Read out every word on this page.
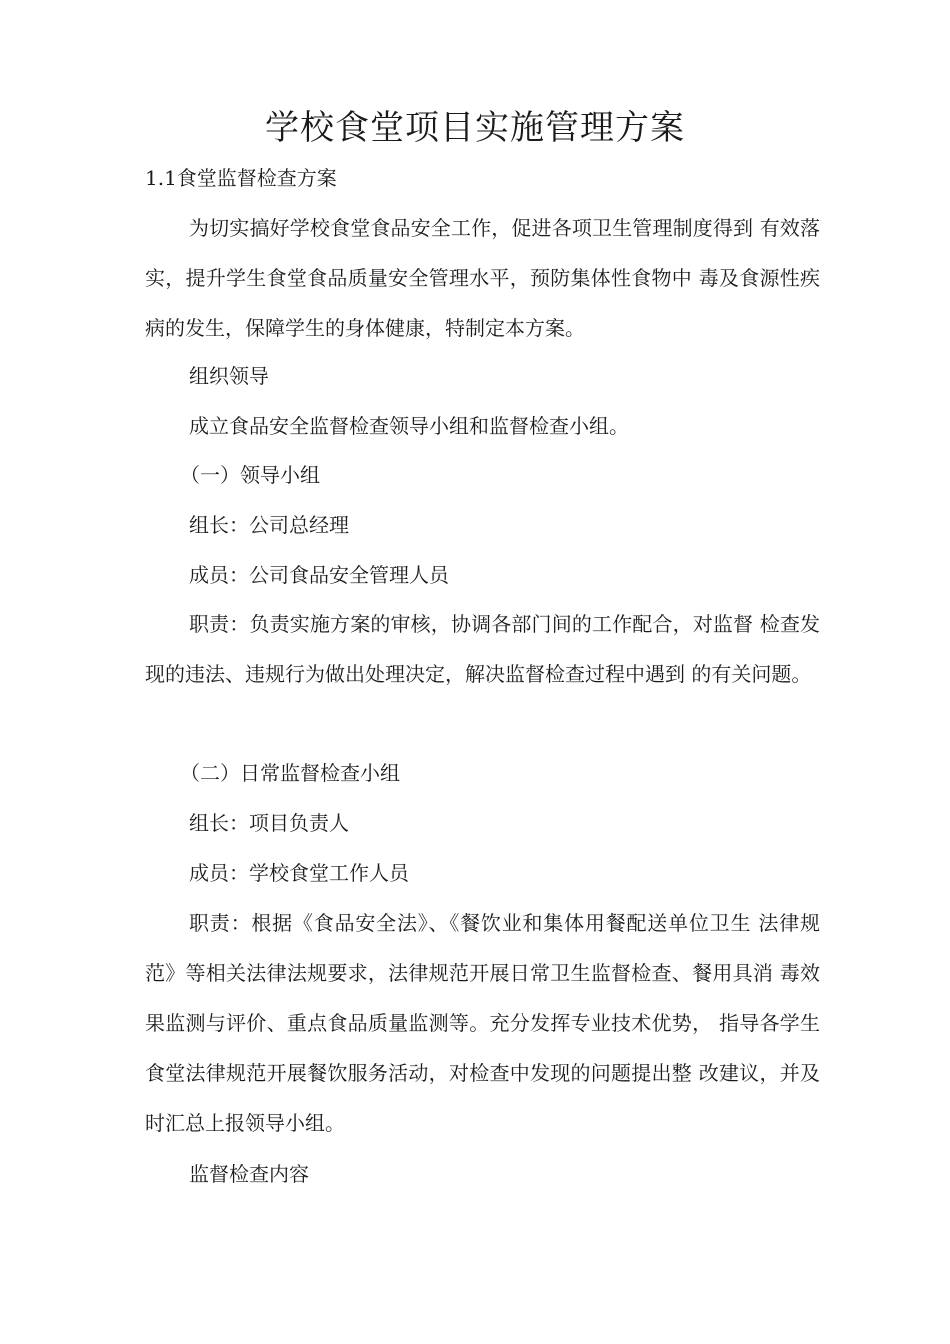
学校食堂项目实施管理方案

1.1食堂监督检查方案

为切实搞好学校食堂食品安全工作，促进各项卫生管理制度得到 有效落实，提升学生食堂食品质量安全管理水平，预防集体性食物中 毒及食源性疾病的发生，保障学生的身体健康，特制定本方案。

组织领导

成立食品安全监督检查领导小组和监督检查小组。

（一）领导小组

组长：公司总经理

成员：公司食品安全管理人员

职责：负责实施方案的审核，协调各部门间的工作配合，对监督 检查发现的违法、违规行为做出处理决定，解决监督检查过程中遇到 的有关问题。

（二）日常监督检查小组

组长：项目负责人

成员：学校食堂工作人员

职责：根据《食品安全法》、《餐饮业和集体用餐配送单位卫生 法律规范》等相关法律法规要求，法律规范开展日常卫生监督检查、餐用具消 毒效果监测与评价、重点食品质量监测等。充分发挥专业技术优势， 指导各学生食堂法律规范开展餐饮服务活动，对检查中发现的问题提出整 改建议，并及时汇总上报领导小组。

监督检查内容
